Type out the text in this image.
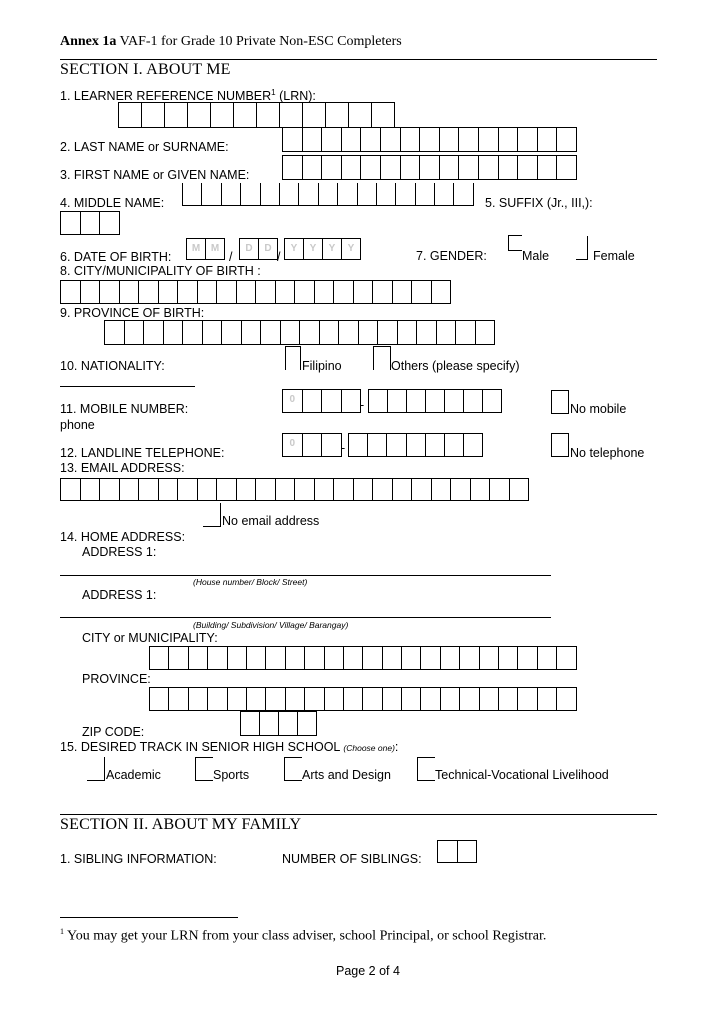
Annex 1a VAF-1 for Grade 10 Private Non-ESC Completers
SECTION I. ABOUT ME
1. LEARNER REFERENCE NUMBER$^1$ (LRN):
2. LAST NAME or SURNAME:
3. FIRST NAME or GIVEN NAME:
4. MIDDLE NAME:	5. SUFFIX (Jr., III,):
6. DATE OF BIRTH:
M	M
/
D	D
/
Y	Y	Y	Y
7. GENDER:	Male	Female
8. CITY/MUNICIPALITY OF BIRTH :
9. PROVINCE OF BIRTH:
10. NATIONALITY:	Filipino	Others (please specify)
11. MOBILE NUMBER:
phone
0	-	No mobile
12. LANDLINE TELEPHONE:
0	-	No telephone
13. EMAIL ADDRESS:
No email address
14. HOME ADDRESS:
ADDRESS 1:
(House number/ Block/ Street)
ADDRESS 1:
(Building/ Subdivision/ Village/ Barangay)
CITY or MUNICIPALITY:
PROVINCE:
ZIP CODE:
15. DESIRED TRACK IN SENIOR HIGH SCHOOL (Choose one):
Academic	Sports	Arts and Design	Technical-Vocational Livelihood
SECTION II. ABOUT MY FAMILY
1. SIBLING INFORMATION:	NUMBER OF SIBLINGS:
$^1$ You may get your LRN from your class adviser, school Principal, or school Registrar.
Page 2 of 4
